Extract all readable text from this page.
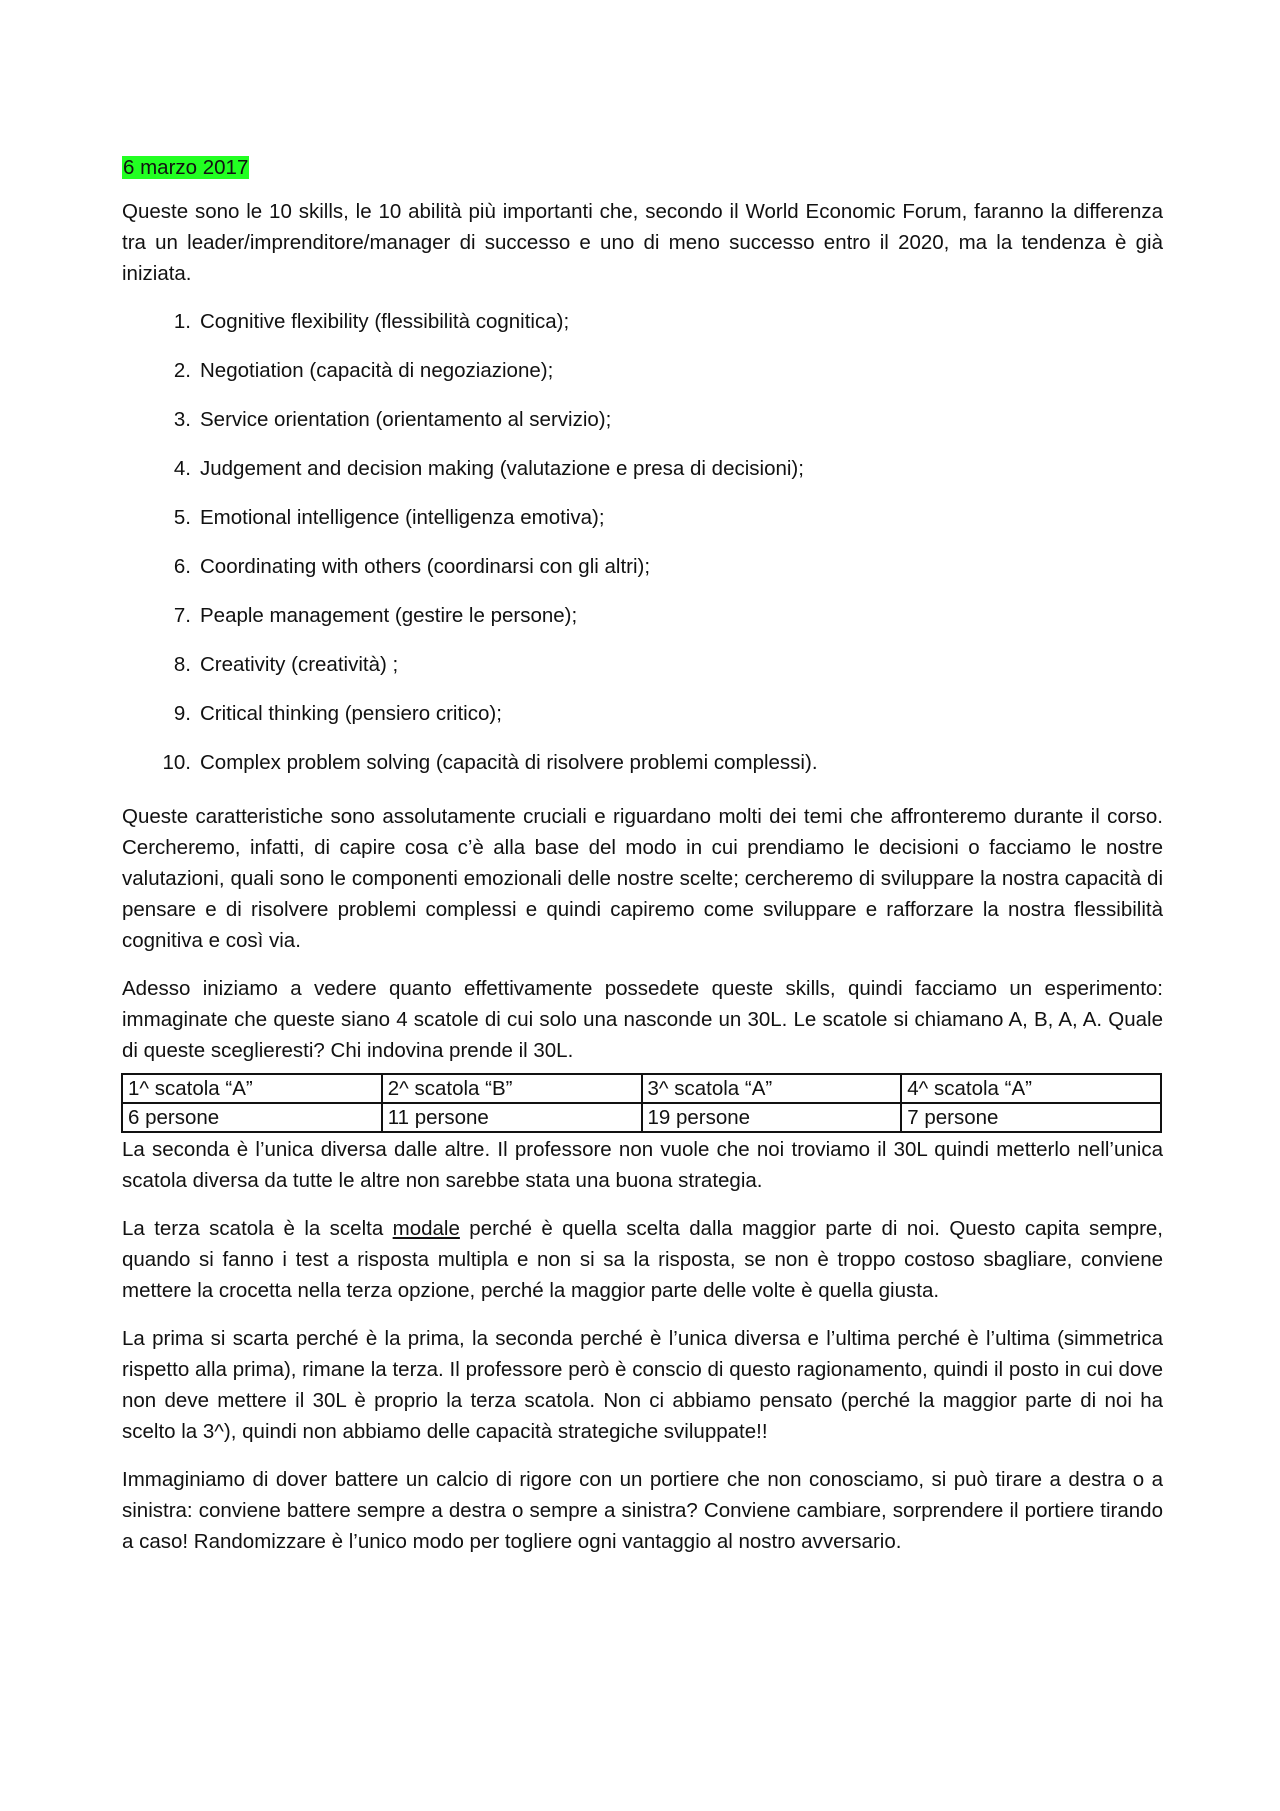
6 marzo 2017

Queste sono le 10 skills, le 10 abilità più importanti che, secondo il World Economic Forum, faranno la differenza tra un leader/imprenditore/manager di successo e uno di meno successo entro il 2020, ma la tendenza è già iniziata.

1. Cognitive flexibility (flessibilità cognitica);
2. Negotiation (capacità di negoziazione);
3. Service orientation (orientamento al servizio);
4. Judgement and decision making (valutazione e presa di decisioni);
5. Emotional intelligence (intelligenza emotiva);
6. Coordinating with others (coordinarsi con gli altri);
7. Peaple management (gestire le persone);
8. Creativity (creatività) ;
9. Critical thinking (pensiero critico);
10. Complex problem solving (capacità di risolvere problemi complessi).

Queste caratteristiche sono assolutamente cruciali e riguardano molti dei temi che affronteremo durante il corso. Cercheremo, infatti, di capire cosa c’è alla base del modo in cui prendiamo le decisioni o facciamo le nostre valutazioni, quali sono le componenti emozionali delle nostre scelte; cercheremo di sviluppare la nostra capacità di pensare e di risolvere problemi complessi e quindi capiremo come sviluppare e rafforzare la nostra flessibilità cognitiva e così via.

Adesso iniziamo a vedere quanto effettivamente possedete queste skills, quindi facciamo un esperimento: immaginate che queste siano 4 scatole di cui solo una nasconde un 30L. Le scatole si chiamano A, B, A, A. Quale di queste sceglieresti? Chi indovina prende il 30L.

1^ scatola “A”	2^ scatola “B”	3^ scatola “A”	4^ scatola “A”
6 persone	11 persone	19 persone	7 persone

La seconda è l’unica diversa dalle altre. Il professore non vuole che noi troviamo il 30L quindi metterlo nell’unica scatola diversa da tutte le altre non sarebbe stata una buona strategia.

La terza scatola è la scelta modale perché è quella scelta dalla maggior parte di noi. Questo capita sempre, quando si fanno i test a risposta multipla e non si sa la risposta, se non è troppo costoso sbagliare, conviene mettere la crocetta nella terza opzione, perché la maggior parte delle volte è quella giusta.

La prima si scarta perché è la prima, la seconda perché è l’unica diversa e l’ultima perché è l’ultima (simmetrica rispetto alla prima), rimane la terza. Il professore però è conscio di questo ragionamento, quindi il posto in cui dove non deve mettere il 30L è proprio la terza scatola. Non ci abbiamo pensato (perché la maggior parte di noi ha scelto la 3^), quindi non abbiamo delle capacità strategiche sviluppate!!

Immaginiamo di dover battere un calcio di rigore con un portiere che non conosciamo, si può tirare a destra o a sinistra: conviene battere sempre a destra o sempre a sinistra? Conviene cambiare, sorprendere il portiere tirando a caso! Randomizzare è l’unico modo per togliere ogni vantaggio al nostro avversario.
